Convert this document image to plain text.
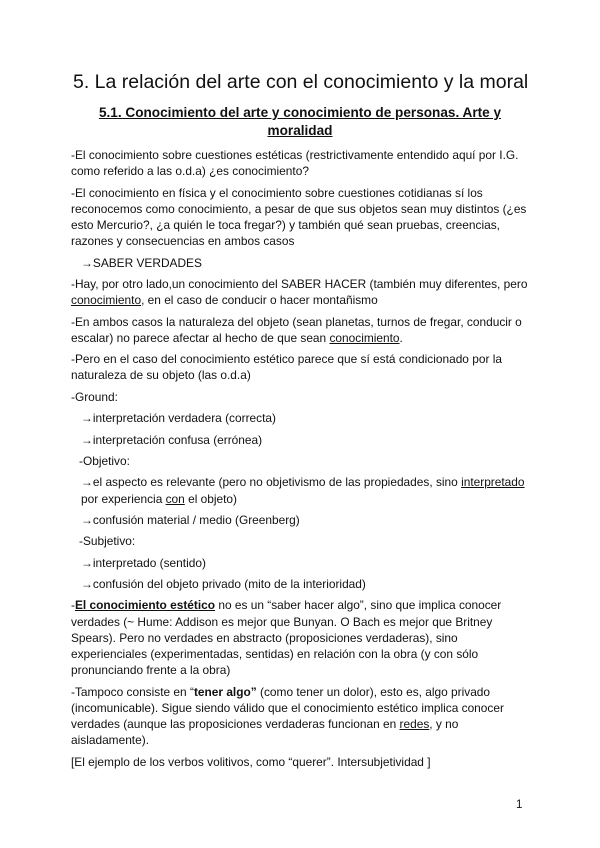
5. La relación del arte con el conocimiento y la moral
5.1. Conocimiento del arte y conocimiento de personas. Arte y moralidad

-El conocimiento sobre cuestiones estéticas (restrictivamente entendido aquí por I.G. como referido a las o.d.a) ¿es conocimiento?

-El conocimiento en física y el conocimiento sobre cuestiones cotidianas sí los reconocemos como conocimiento, a pesar de que sus objetos sean muy distintos (¿es esto Mercurio?, ¿a quién le toca fregar?) y también qué sean pruebas, creencias, razones y consecuencias en ambos casos

→SABER VERDADES

-Hay, por otro lado,un conocimiento del SABER HACER (también muy diferentes, pero conocimiento, en el caso de conducir o hacer montañismo

-En ambos casos la naturaleza del objeto (sean planetas, turnos de fregar, conducir o escalar) no parece afectar al hecho de que sean conocimiento.

-Pero en el caso del conocimiento estético parece que sí está condicionado por la naturaleza de su objeto (las o.d.a)

-Ground:

→interpretación verdadera (correcta)

→interpretación confusa (errónea)

-Objetivo:

→el aspecto es relevante (pero no objetivismo de las propiedades, sino interpretado por experiencia con el objeto)

→confusión material / medio (Greenberg)

-Subjetivo:

→interpretado (sentido)

→confusión del objeto privado (mito de la interioridad)

-El conocimiento estético no es un “saber hacer algo”, sino que implica conocer verdades (~ Hume: Addison es mejor que Bunyan. O Bach es mejor que Britney Spears). Pero no verdades en abstracto (proposiciones verdaderas), sino experienciales (experimentadas, sentidas) en relación con la obra (y con sólo pronunciando frente a la obra)

-Tampoco consiste en “tener algo” (como tener un dolor), esto es, algo privado (incomunicable). Sigue siendo válido que el conocimiento estético implica conocer verdades (aunque las proposiciones verdaderas funcionan en redes, y no aisladamente).

[El ejemplo de los verbos volitivos, como “querer”. Intersubjetividad ]

1
